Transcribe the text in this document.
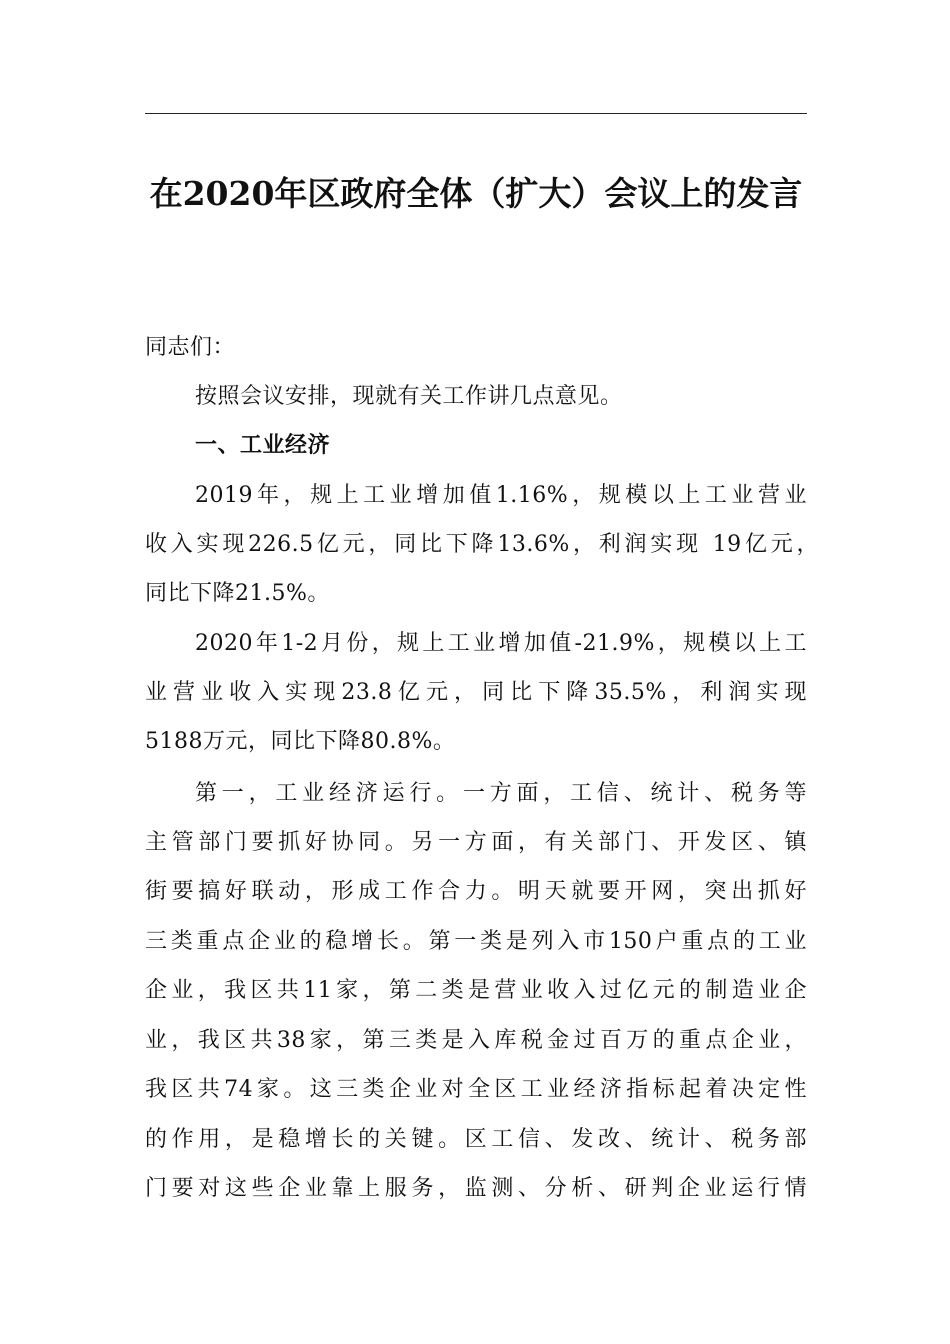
在2020年区政府全体（扩大）会议上的发言
同志们：
按照会议安排，现就有关工作讲几点意见。
一、工业经济
2019年，规上工业增加值1.16%，规模以上工业营业
收入实现226.5亿元，同比下降13.6%，利润实现 19亿元，
同比下降21.5%。
2020年1-2月份，规上工业增加值-21.9%，规模以上工
业营业收入实现23.8亿元，同比下降35.5%，利润实现
5188万元，同比下降80.8%。
第一，工业经济运行。一方面，工信、统计、税务等
主管部门要抓好协同。另一方面，有关部门、开发区、镇
街要搞好联动，形成工作合力。明天就要开网，突出抓好
三类重点企业的稳增长。第一类是列入市150户重点的工业
企业，我区共11家，第二类是营业收入过亿元的制造业企
业，我区共38家，第三类是入库税金过百万的重点企业，
我区共74家。这三类企业对全区工业经济指标起着决定性
的作用，是稳增长的关键。区工信、发改、统计、税务部
门要对这些企业靠上服务，监测、分析、研判企业运行情
